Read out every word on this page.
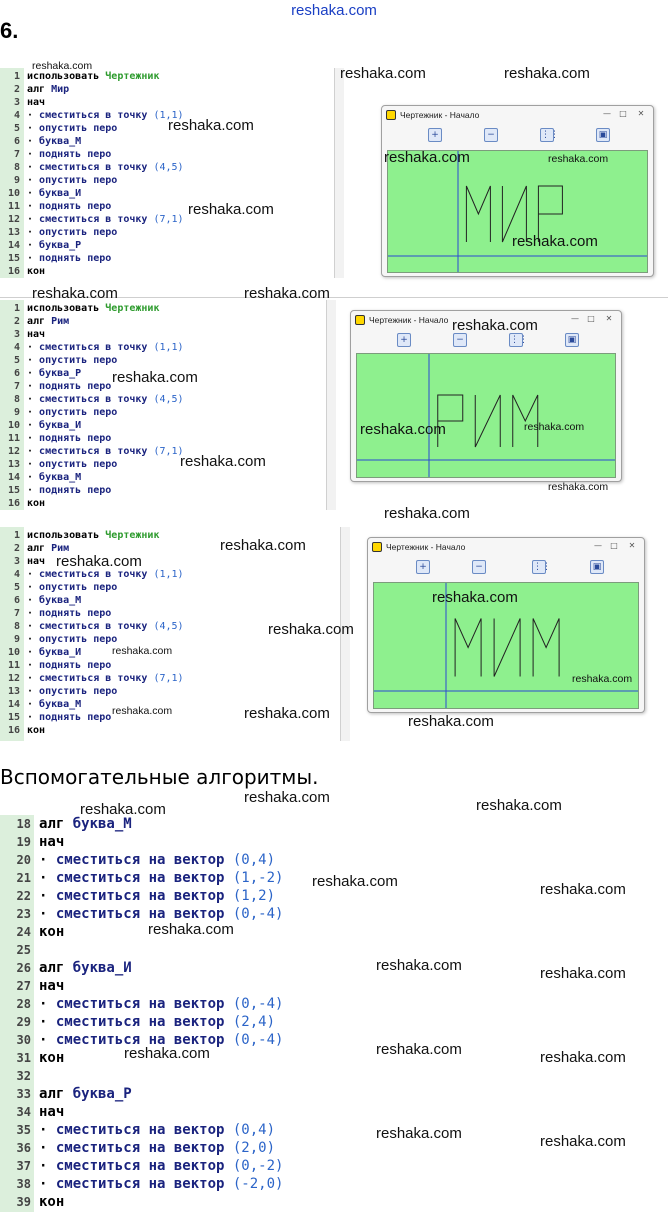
reshaka.com
6.
1 использовать Чертежник
2 алг Мир
3 нач
4 · сместиться в точку (1,1)
5 · опустить перо
6 · буква_М
7 · поднять перо
8 · сместиться в точку (4,5)
9 · опустить перо
10 · буква_И
11 · поднять перо
12 · сместиться в точку (7,1)
13 · опустить перо
14 · буква_Р
15 · поднять перо
16 кон
1 использовать Чертежник
2 алг Рим
3 нач
4 · сместиться в точку (1,1)
5 · опустить перо
6 · буква_Р
7 · поднять перо
8 · сместиться в точку (4,5)
9 · опустить перо
10 · буква_И
11 · поднять перо
12 · сместиться в точку (7,1)
13 · опустить перо
14 · буква_М
15 · поднять перо
16 кон
1 использовать Чертежник
2 алг Рим
3 нач
4 · сместиться в точку (1,1)
5 · опустить перо
6 · буква_М
7 · поднять перо
8 · сместиться в точку (4,5)
9 · опустить перо
10 · буква_И
11 · поднять перо
12 · сместиться в точку (7,1)
13 · опустить перо
14 · буква_М
15 · поднять перо
16 кон
Чертежник - Начало	— □	✕
+	−	⋮⋮	▣
Чертежник - Начало	— □	✕
+	−	⋮⋮	▣
Чертежник - Начало	— □	✕
+	−	⋮⋮	▣
Вспомогательные алгоритмы.
18 алг буква_М
19 нач
20 · сместиться на вектор (0,4)
21 · сместиться на вектор (1,-2)
22 · сместиться на вектор (1,2)
23 · сместиться на вектор (0,-4)
24 кон
25
26 алг буква_И
27 нач
28 · сместиться на вектор (0,-4)
29 · сместиться на вектор (2,4)
30 · сместиться на вектор (0,-4)
31 кон
32
33 алг буква_Р
34 нач
35 · сместиться на вектор (0,4)
36 · сместиться на вектор (2,0)
37 · сместиться на вектор (0,-2)
38 · сместиться на вектор (-2,0)
39 кон
reshaka.com	reshaka.com	reshaka.com
reshaka.com
reshaka.com	reshaka.com
reshaka.com
reshaka.com
reshaka.com	reshaka.com
reshaka.com
reshaka.com
reshaka.com	reshaka.com
reshaka.com
reshaka.com
reshaka.com
reshaka.com
reshaka.com
reshaka.com
reshaka.com
reshaka.com
reshaka.com
reshaka.com	reshaka.com	reshaka.com
reshaka.com
reshaka.com	reshaka.com
reshaka.com	reshaka.com
reshaka.com
reshaka.com	reshaka.com
reshaka.com	reshaka.com	reshaka.com
reshaka.com	reshaka.com
